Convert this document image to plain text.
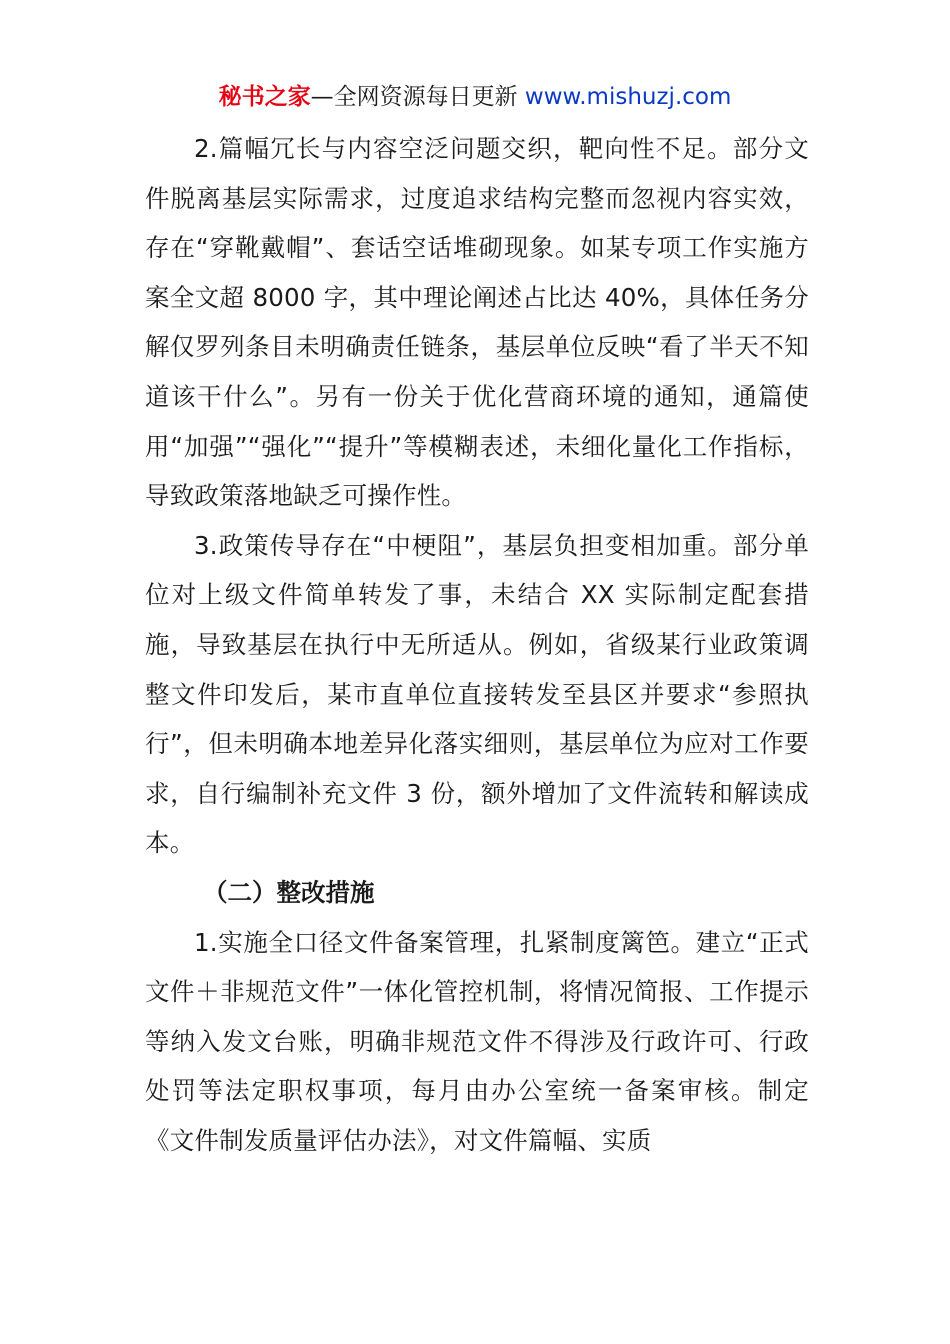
秘书之家—全网资源每日更新 www.mishuzj.com

2.篇幅冗长与内容空泛问题交织，靶向性不足。部分文件脱离基层实际需求，过度追求结构完整而忽视内容实效，存在“穿靴戴帽”、套话空话堆砌现象。如某专项工作实施方案全文超 8000 字，其中理论阐述占比达 40%，具体任务分解仅罗列条目未明确责任链条，基层单位反映“看了半天不知道该干什么”。另有一份关于优化营商环境的通知，通篇使用“加强”“强化”“提升”等模糊表述，未细化量化工作指标，导致政策落地缺乏可操作性。

3.政策传导存在“中梗阻”，基层负担变相加重。部分单位对上级文件简单转发了事，未结合 XX 实际制定配套措施，导致基层在执行中无所适从。例如，省级某行业政策调整文件印发后，某市直单位直接转发至县区并要求“参照执行”，但未明确本地差异化落实细则，基层单位为应对工作要求，自行编制补充文件 3 份，额外增加了文件流转和解读成本。

（二）整改措施

1.实施全口径文件备案管理，扎紧制度篱笆。建立“正式文件＋非规范文件”一体化管控机制，将情况简报、工作提示等纳入发文台账，明确非规范文件不得涉及行政许可、行政处罚等法定职权事项，每月由办公室统一备案审核。制定《文件制发质量评估办法》，对文件篇幅、实质
